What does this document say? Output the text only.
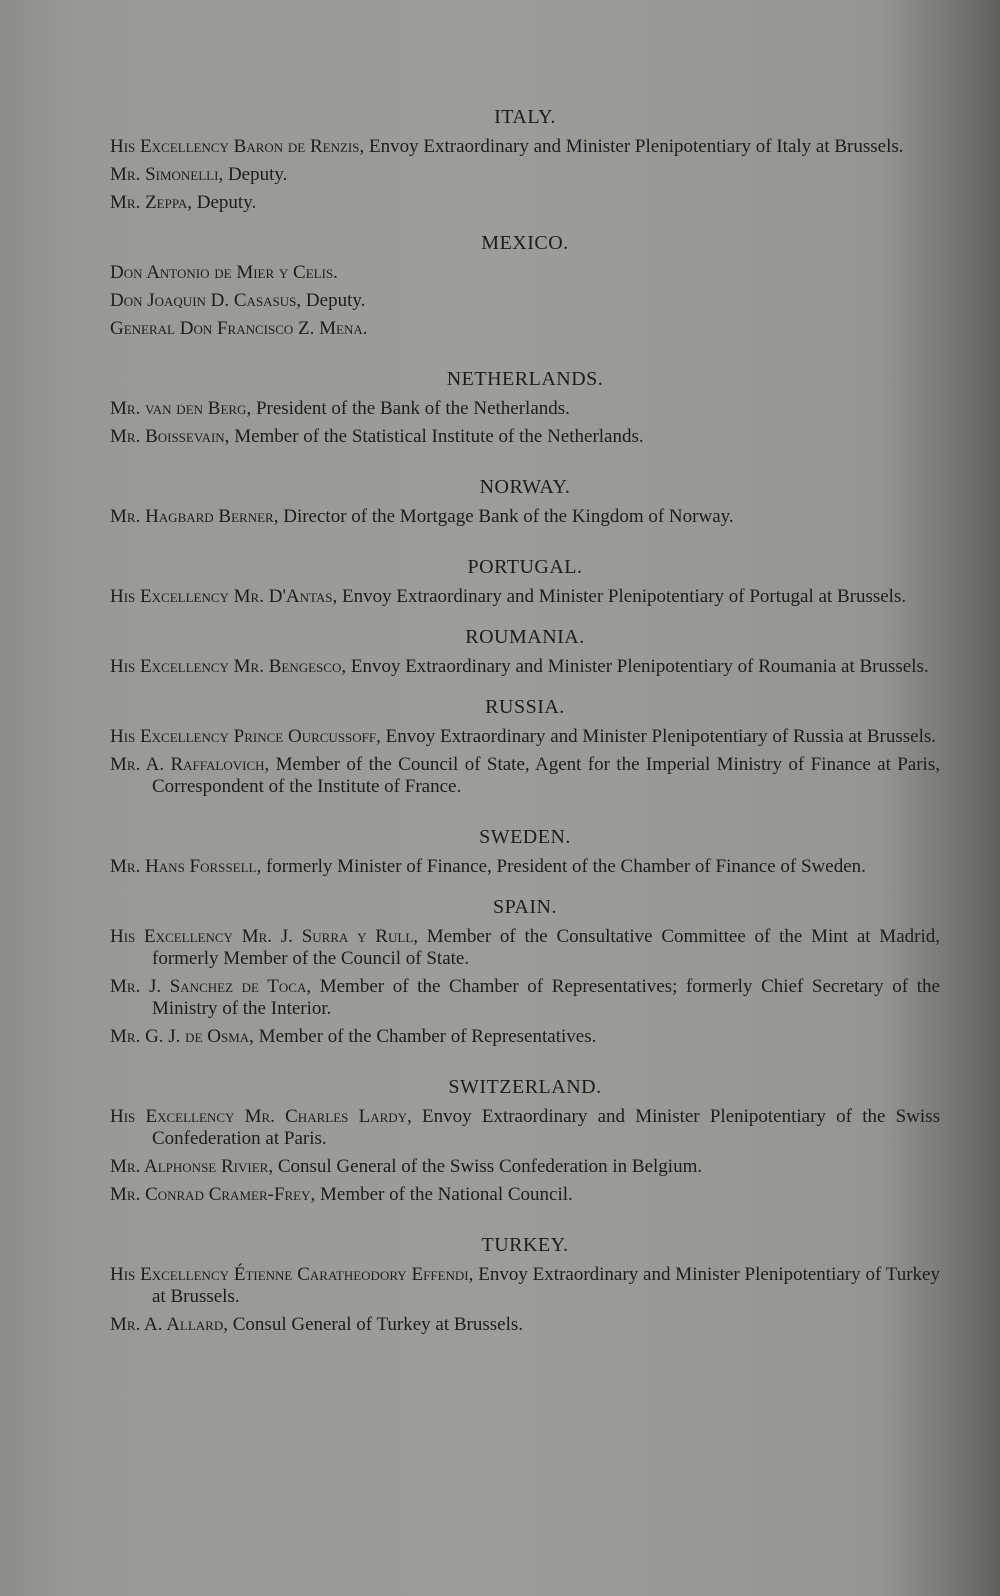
ITALY.

His Excellency Baron de Renzis, Envoy Extraordinary and Minister Plenipotentiary of Italy at Brussels.

Mr. Simonelli, Deputy.

Mr. Zeppa, Deputy.

MEXICO.

Don Antonio de Mier y Celis.

Don Joaquin D. Casasus, Deputy.

General Don Francisco Z. Mena.

NETHERLANDS.

Mr. van den Berg, President of the Bank of the Netherlands.

Mr. Boissevain, Member of the Statistical Institute of the Netherlands.

NORWAY.

Mr. Hagbard Berner, Director of the Mortgage Bank of the Kingdom of Norway.

PORTUGAL.

His Excellency Mr. D'Antas, Envoy Extraordinary and Minister Plenipotentiary of Portugal at Brussels.

ROUMANIA.

His Excellency Mr. Bengesco, Envoy Extraordinary and Minister Plenipotentiary of Roumania at Brussels.

RUSSIA.

His Excellency Prince Ourcussoff, Envoy Extraordinary and Minister Plenipotentiary of Russia at Brussels.

Mr. A. Raffalovich, Member of the Council of State, Agent for the Imperial Ministry of Finance at Paris, Correspondent of the Institute of France.

SWEDEN.

Mr. Hans Forssell, formerly Minister of Finance, President of the Chamber of Finance of Sweden.

SPAIN.

His Excellency Mr. J. Surra y Rull, Member of the Consultative Committee of the Mint at Madrid, formerly Member of the Council of State.

Mr. J. Sanchez de Toca, Member of the Chamber of Representatives; formerly Chief Secretary of the Ministry of the Interior.

Mr. G. J. de Osma, Member of the Chamber of Representatives.

SWITZERLAND.

His Excellency Mr. Charles Lardy, Envoy Extraordinary and Minister Plenipotentiary of the Swiss Confederation at Paris.

Mr. Alphonse Rivier, Consul General of the Swiss Confederation in Belgium.

Mr. Conrad Cramer-Frey, Member of the National Council.

TURKEY.

His Excellency Étienne Caratheodory Effendi, Envoy Extraordinary and Minister Plenipotentiary of Turkey at Brussels.

Mr. A. Allard, Consul General of Turkey at Brussels.
